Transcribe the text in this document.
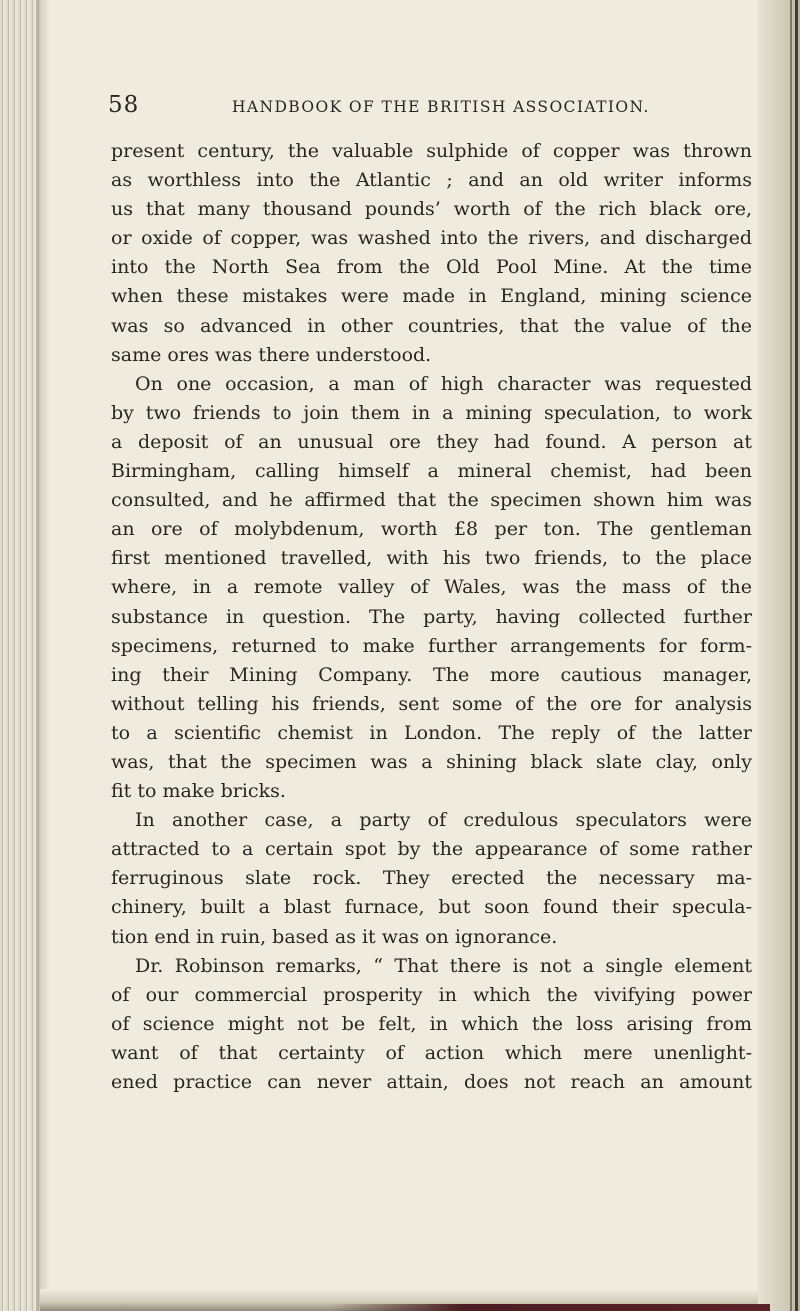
58	HANDBOOK OF THE BRITISH ASSOCIATION.
present century, the valuable sulphide of copper was thrown
as worthless into the Atlantic ; and an old writer informs
us that many thousand pounds’ worth of the rich black ore,
or oxide of copper, was washed into the rivers, and discharged
into the North Sea from the Old Pool Mine. At the time
when these mistakes were made in England, mining science
was so advanced in other countries, that the value of the
same ores was there understood.
On one occasion, a man of high character was requested
by two friends to join them in a mining speculation, to work
a deposit of an unusual ore they had found. A person at
Birmingham, calling himself a mineral chemist, had been
consulted, and he affirmed that the specimen shown him was
an ore of molybdenum, worth £8 per ton. The gentleman
first mentioned travelled, with his two friends, to the place
where, in a remote valley of Wales, was the mass of the
substance in question. The party, having collected further
specimens, returned to make further arrangements for form-
ing their Mining Company. The more cautious manager,
without telling his friends, sent some of the ore for analysis
to a scientific chemist in London. The reply of the latter
was, that the specimen was a shining black slate clay, only
fit to make bricks.
In another case, a party of credulous speculators were
attracted to a certain spot by the appearance of some rather
ferruginous slate rock. They erected the necessary ma-
chinery, built a blast furnace, but soon found their specula-
tion end in ruin, based as it was on ignorance.
Dr. Robinson remarks, “ That there is not a single element
of our commercial prosperity in which the vivifying power
of science might not be felt, in which the loss arising from
want of that certainty of action which mere unenlight-
ened practice can never attain, does not reach an amount
